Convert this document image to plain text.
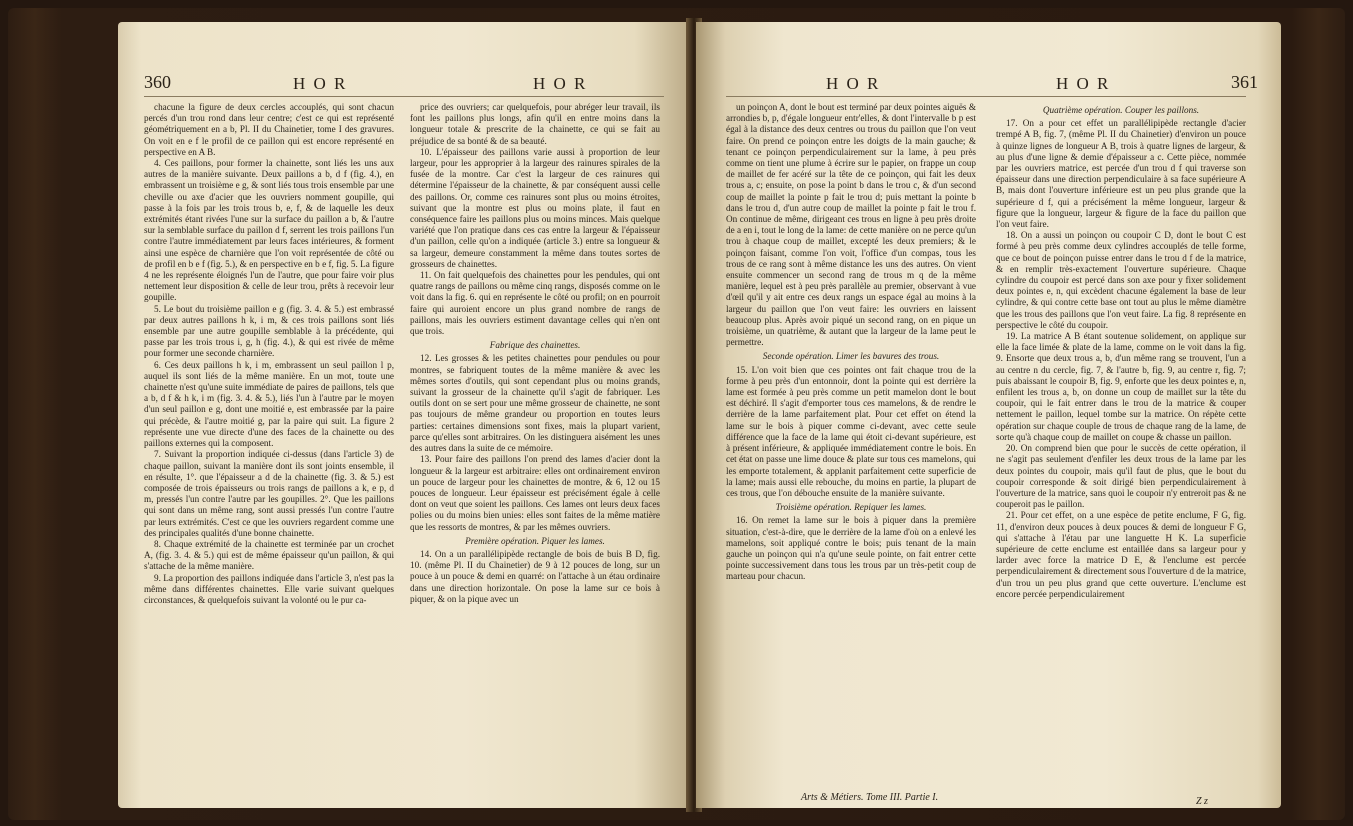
360	H O R	H O R

chacune la figure de deux cercles accouplés, qui sont chacun percés d'un trou rond dans leur centre; c'est ce qui est représenté géométriquement en a b, Pl. II du Chainetier, tome I des gravures. On voit en e f le profil de ce paillon qui est encore représenté en perspective en A B.

4. Ces paillons, pour former la chainette, sont liés les uns aux autres de la manière suivante. Deux paillons a b, d f (fig. 4.), en embrassent un troisième e g, & sont liés tous trois ensemble par une cheville ou axe d'acier que les ouvriers nomment goupille, qui passe à la fois par les trois trous b, e, f, & de laquelle les deux extrémités étant rivées l'une sur la surface du paillon a b, & l'autre sur la semblable surface du paillon d f, serrent les trois paillons l'un contre l'autre immédiatement par leurs faces intérieures, & forment ainsi une espèce de charnière que l'on voit représentée de côté ou de profil en b e f (fig. 5.), & en perspective en b e f, fig. 5. La figure 4 ne les représente éloignés l'un de l'autre, que pour faire voir plus nettement leur disposition & celle de leur trou, prêts à recevoir leur goupille.

5. Le bout du troisième paillon e g (fig. 3. 4. & 5.) est embrassé par deux autres paillons h k, i m, & ces trois paillons sont liés ensemble par une autre goupille semblable à la précédente, qui passe par les trois trous i, g, h (fig. 4.), & qui est rivée de même pour former une seconde charnière.

6. Ces deux paillons h k, i m, embrassent un seul paillon l p, auquel ils sont liés de la même manière. En un mot, toute une chainette n'est qu'une suite immédiate de paires de paillons, tels que a b, d f & h k, i m (fig. 3. 4. & 5.), liés l'un à l'autre par le moyen d'un seul paillon e g, dont une moitié e, est embrassée par la paire qui précède, & l'autre moitié g, par la paire qui suit. La figure 2 représente une vue directe d'une des faces de la chainette ou des paillons externes qui la composent.

7. Suivant la proportion indiquée ci-dessus (dans l'article 3) de chaque paillon, suivant la manière dont ils sont joints ensemble, il en résulte, 1°. que l'épaisseur a d de la chainette (fig. 3. & 5.) est composée de trois épaisseurs ou trois rangs de paillons a k, e p, d m, pressés l'un contre l'autre par les goupilles. 2°. Que les paillons qui sont dans un même rang, sont aussi pressés l'un contre l'autre par leurs extrémités. C'est ce que les ouvriers regardent comme une des principales qualités d'une bonne chainette.

8. Chaque extrémité de la chainette est terminée par un crochet A, (fig. 3. 4. & 5.) qui est de même épaisseur qu'un paillon, & qui s'attache de la même manière.

9. La proportion des paillons indiquée dans l'article 3, n'est pas la même dans différentes chainettes. Elle varie suivant quelques circonstances, & quelquefois suivant la volonté ou le pur ca-

price des ouvriers; car quelquefois, pour abréger leur travail, ils font les paillons plus longs, afin qu'il en entre moins dans la longueur totale & prescrite de la chainette, ce qui se fait au préjudice de sa bonté & de sa beauté.

10. L'épaisseur des paillons varie aussi à proportion de leur largeur, pour les approprier à la largeur des rainures spirales de la fusée de la montre. Car c'est la largeur de ces rainures qui détermine l'épaisseur de la chainette, & par conséquent aussi celle des paillons. Or, comme ces rainures sont plus ou moins étroites, suivant que la montre est plus ou moins plate, il faut en conséquence faire les paillons plus ou moins minces. Mais quelque variété que l'on pratique dans ces cas entre la largeur & l'épaisseur d'un paillon, celle qu'on a indiquée (article 3.) entre sa longueur & sa largeur, demeure constamment la même dans toutes sortes de grosseurs de chainettes.

11. On fait quelquefois des chainettes pour les pendules, qui ont quatre rangs de paillons ou même cinq rangs, disposés comme on le voit dans la fig. 6. qui en représente le côté ou profil; on en pourroit faire qui auroient encore un plus grand nombre de rangs de paillons, mais les ouvriers estiment davantage celles qui n'en ont que trois.

Fabrique des chainettes.

12. Les grosses & les petites chainettes pour pendules ou pour montres, se fabriquent toutes de la même manière & avec les mêmes sortes d'outils, qui sont cependant plus ou moins grands, suivant la grosseur de la chainette qu'il s'agit de fabriquer. Les outils dont on se sert pour une même grosseur de chainette, ne sont pas toujours de même grandeur ou proportion en toutes leurs parties: certaines dimensions sont fixes, mais la plupart varient, parce qu'elles sont arbitraires. On les distinguera aisément les unes des autres dans la suite de ce mémoire.

13. Pour faire des paillons l'on prend des lames d'acier dont la longueur & la largeur est arbitraire: elles ont ordinairement environ un pouce de largeur pour les chainettes de montre, & 6, 12 ou 15 pouces de longueur. Leur épaisseur est précisément égale à celle dont on veut que soient les paillons. Ces lames ont leurs deux faces polies ou du moins bien unies: elles sont faites de la même matière que les ressorts de montres, & par les mêmes ouvriers.

Première opération. Piquer les lames.

14. On a un parallélipipède rectangle de bois de buis B D, fig. 10. (même Pl. II du Chainetier) de 9 à 12 pouces de long, sur un pouce à un pouce & demi en quarré: on l'attache à un étau ordinaire dans une direction horizontale. On pose la lame sur ce bois à piquer, & on la pique avec un

H O R	H O R	361

un poinçon A, dont le bout est terminé par deux pointes aiguës & arrondies b, p, d'égale longueur entr'elles, & dont l'intervalle b p est égal à la distance des deux centres ou trous du paillon que l'on veut faire. On prend ce poinçon entre les doigts de la main gauche; & tenant ce poinçon perpendiculairement sur la lame, à peu près comme on tient une plume à écrire sur le papier, on frappe un coup de maillet de fer acéré sur la tête de ce poinçon, qui fait les deux trous a, c; ensuite, on pose la point b dans le trou c, & d'un second coup de maillet la pointe p fait le trou d; puis mettant la pointe b dans le trou d, d'un autre coup de maillet la pointe p fait le trou f. On continue de même, dirigeant ces trous en ligne à peu près droite de a en i, tout le long de la lame: de cette manière on ne perce qu'un trou à chaque coup de maillet, excepté les deux premiers; & le poinçon faisant, comme l'on voit, l'office d'un compas, tous les trous de ce rang sont à même distance les uns des autres. On vient ensuite commencer un second rang de trous m q de la même manière, lequel est à peu près parallèle au premier, observant à vue d'œil qu'il y ait entre ces deux rangs un espace égal au moins à la largeur du paillon que l'on veut faire: les ouvriers en laissent beaucoup plus. Après avoir piqué un second rang, on en pique un troisième, un quatrième, & autant que la largeur de la lame peut le permettre.

Seconde opération. Limer les bavures des trous.

15. L'on voit bien que ces pointes ont fait chaque trou de la forme à peu près d'un entonnoir, dont la pointe qui est derrière la lame est formée à peu près comme un petit mamelon dont le bout est déchiré. Il s'agit d'emporter tous ces mamelons, & de rendre le derrière de la lame parfaitement plat. Pour cet effet on étend la lame sur le bois à piquer comme ci-devant, avec cette seule différence que la face de la lame qui étoit ci-devant supérieure, est à présent inférieure, & appliquée immédiatement contre le bois. En cet état on passe une lime douce & plate sur tous ces mamelons, qui les emporte totalement, & applanit parfaitement cette superficie de la lame; mais aussi elle rebouche, du moins en partie, la plupart de ces trous, que l'on débouche ensuite de la manière suivante.

Troisième opération. Repiquer les lames.

16. On remet la lame sur le bois à piquer dans la première situation, c'est-à-dire, que le derrière de la lame d'où on a enlevé les mamelons, soit appliqué contre le bois; puis tenant de la main gauche un poinçon qui n'a qu'une seule pointe, on fait entrer cette pointe successivement dans tous les trous par un très-petit coup de marteau pour chacun.

Quatrième opération. Couper les paillons.

17. On a pour cet effet un parallélipipède rectangle d'acier trempé A B, fig. 7, (même Pl. II du Chainetier) d'environ un pouce à quinze lignes de longueur A B, trois à quatre lignes de largeur, & au plus d'une ligne & demie d'épaisseur a c. Cette pièce, nommée par les ouvriers matrice, est percée d'un trou d f qui traverse son épaisseur dans une direction perpendiculaire à sa face supérieure A B, mais dont l'ouverture inférieure est un peu plus grande que la supérieure d f, qui a précisément la même longueur, largeur & figure que la longueur, largeur & figure de la face du paillon que l'on veut faire.

18. On a aussi un poinçon ou coupoir C D, dont le bout C est formé à peu près comme deux cylindres accouplés de telle forme, que ce bout de poinçon puisse entrer dans le trou d f de la matrice, & en remplir très-exactement l'ouverture supérieure. Chaque cylindre du coupoir est percé dans son axe pour y fixer solidement deux pointes e, n, qui excèdent chacune également la base de leur cylindre, & qui contre cette base ont tout au plus le même diamètre que les trous des paillons que l'on veut faire. La fig. 8 représente en perspective le côté du coupoir.

19. La matrice A B étant soutenue solidement, on applique sur elle la face limée & plate de la lame, comme on le voit dans la fig. 9. Ensorte que deux trous a, b, d'un même rang se trouvent, l'un a au centre n du cercle, fig. 7, & l'autre b, fig. 9, au centre r, fig. 7; puis abaissant le coupoir B, fig. 9, enforte que les deux pointes e, n, enfilent les trous a, b, on donne un coup de maillet sur la tête du coupoir, qui le fait entrer dans le trou de la matrice & couper nettement le paillon, lequel tombe sur la matrice. On répète cette opération sur chaque couple de trous de chaque rang de la lame, de sorte qu'à chaque coup de maillet on coupe & chasse un paillon.

20. On comprend bien que pour le succès de cette opération, il ne s'agit pas seulement d'enfiler les deux trous de la lame par les deux pointes du coupoir, mais qu'il faut de plus, que le bout du coupoir corresponde & soit dirigé bien perpendiculairement à l'ouverture de la matrice, sans quoi le coupoir n'y entreroit pas & ne couperoit pas le paillon.

21. Pour cet effet, on a une espèce de petite enclume, F G, fig. 11, d'environ deux pouces à deux pouces & demi de longueur F G, qui s'attache à l'étau par une languette H K. La superficie supérieure de cette enclume est entaillée dans sa largeur pour y larder avec force la matrice D E, & l'enclume est percée perpendiculairement & directement sous l'ouverture d de la matrice, d'un trou un peu plus grand que cette ouverture. L'enclume est encore percée perpendiculairement

Arts & Métiers. Tome III. Partie I.	Z z
